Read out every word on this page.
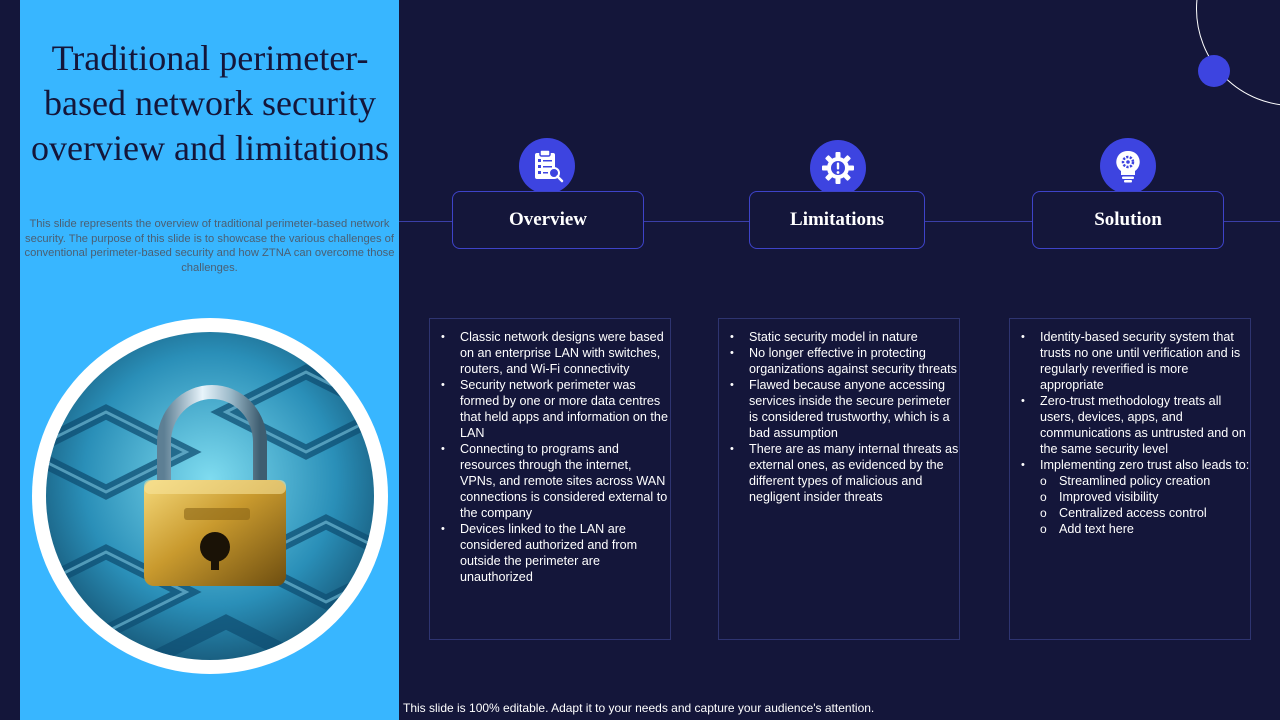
Traditional perimeter-based network security overview and limitations

This slide represents the overview of traditional perimeter-based network security. The purpose of this slide is to showcase the various challenges of conventional perimeter-based security and how ZTNA can overcome those challenges.

Overview
• Classic network designs were based on an enterprise LAN with switches, routers, and Wi-Fi connectivity
• Security network perimeter was formed by one or more data centres that held apps and information on the LAN
• Connecting to programs and resources through the internet, VPNs, and remote sites across WAN connections is considered external to the company
• Devices linked to the LAN are considered authorized and from outside the perimeter are unauthorized
Limitations
• Static security model in nature
• No longer effective in protecting organizations against security threats
• Flawed because anyone accessing services inside the secure perimeter is considered trustworthy, which is a bad assumption
• There are as many internal threats as external ones, as evidenced by the different types of malicious and negligent insider threats
Solution
• Identity-based security system that trusts no one until verification and is regularly reverified is more appropriate
• Zero-trust methodology treats all users, devices, apps, and communications as untrusted and on the same security level
• Implementing zero trust also leads to:
o Streamlined policy creation
o Improved visibility
o Centralized access control
o Add text here

This slide is 100% editable. Adapt it to your needs and capture your audience's attention.
